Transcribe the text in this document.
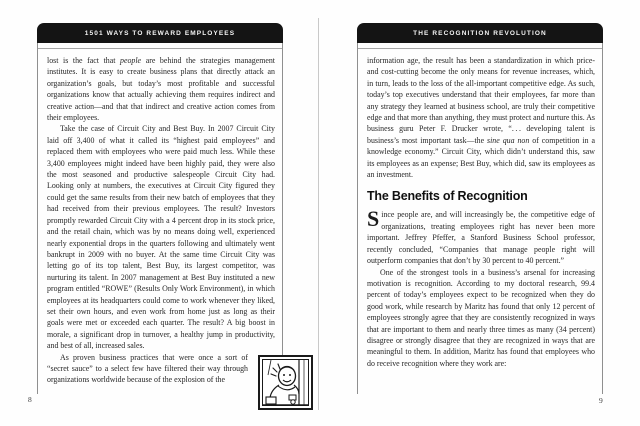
1501 WAYS TO REWARD EMPLOYEES

lost is the fact that people are behind the strategies management institutes. It is easy to create business plans that directly attack an organization’s goals, but today’s most profitable and successful organizations know that actually achieving them requires indirect and creative action—and that that indirect and creative action comes from their employees.

Take the case of Circuit City and Best Buy. In 2007 Circuit City laid off 3,400 of what it called its “highest paid employees” and replaced them with employees who were paid much less. While these 3,400 employees might indeed have been highly paid, they were also the most seasoned and productive salespeople Circuit City had. Looking only at numbers, the executives at Circuit City figured they could get the same results from their new batch of employees that they had received from their previous employees. The result? Investors promptly rewarded Circuit City with a 4 percent drop in its stock price, and the retail chain, which was by no means doing well, experienced nearly exponential drops in the quarters following and ultimately went bankrupt in 2009 with no buyer. At the same time Circuit City was letting go of its top talent, Best Buy, its largest competitor, was nurturing its talent. In 2007 management at Best Buy instituted a new program entitled “ROWE” (Results Only Work Environment), in which employees at its headquarters could come to work whenever they liked, set their own hours, and even work from home just as long as their goals were met or exceeded each quarter. The result? A big boost in morale, a significant drop in turnover, a healthy jump in productivity, and best of all, increased sales.

As proven business practices that were once a sort of “secret sauce” to a select few have filtered their way through organizations worldwide because of the explosion of the

8
THE RECOGNITION REVOLUTION

information age, the result has been a standardization in which price- and cost-cutting become the only means for revenue increases, which, in turn, leads to the loss of the all-important competitive edge. As such, today’s top executives understand that their employees, far more than any strategy they learned at business school, are truly their competitive edge and that more than anything, they must protect and nurture this. As business guru Peter F. Drucker wrote, “. . . developing talent is business’s most important task—the sine qua non of competition in a knowledge economy.” Circuit City, which didn’t understand this, saw its employees as an expense; Best Buy, which did, saw its employees as an investment.

The Benefits of Recognition

Since people are, and will increasingly be, the competitive edge of organizations, treating employees right has never been more important. Jeffrey Pfeffer, a Stanford Business School professor, recently concluded, “Companies that manage people right will outperform companies that don’t by 30 percent to 40 percent.”

One of the strongest tools in a business’s arsenal for increasing motivation is recognition. According to my doctoral research, 99.4 percent of today’s employees expect to be recognized when they do good work, while research by Maritz has found that only 12 percent of employees strongly agree that they are consistently recognized in ways that are important to them and nearly three times as many (34 percent) disagree or strongly disagree that they are recognized in ways that are meaningful to them. In addition, Maritz has found that employees who do receive recognition where they work are:

9
